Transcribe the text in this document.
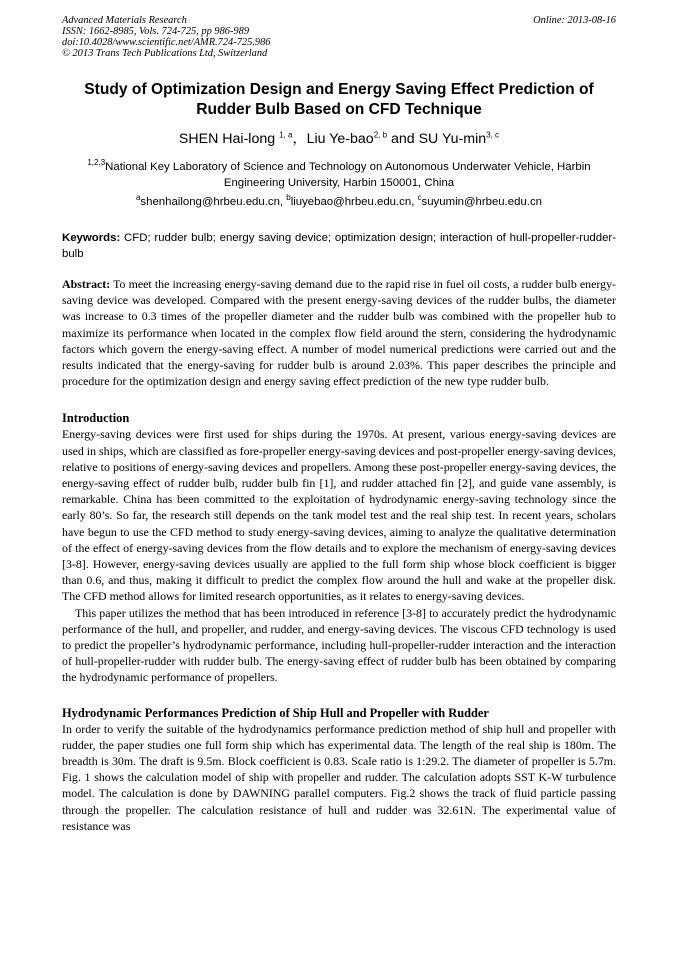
Advanced Materials Research
ISSN: 1662-8985, Vols. 724-725, pp 986-989
doi:10.4028/www.scientific.net/AMR.724-725.986
© 2013 Trans Tech Publications Ltd, Switzerland
Online: 2013-08-16
Study of Optimization Design and Energy Saving Effect Prediction of
Rudder Bulb Based on CFD Technique
SHEN Hai-long $^{1, a}$，Liu Ye-bao$^{2, b}$ and SU $Yu-\min^{3, c}$
$^{1,2,3}$National Key Laboratory of Science and Technology on Autonomous Underwater Vehicle, Harbin
Engineering University, Harbin 150001, China
$^a$shenhailong@hrbeu.edu.cn, $^b$liuyebao@hrbeu.edu.cn, $^c$suyumin@hrbeu.edu.cn
Keywords: CFD; rudder bulb; energy saving device; optimization design; interaction of hull-propeller-rudder-bulb

Abstract: To meet the increasing energy-saving demand due to the rapid rise in fuel oil costs, a rudder bulb energy-saving device was developed. Compared with the present energy-saving devices of the rudder bulbs, the diameter was increase to 0.3 times of the propeller diameter and the rudder bulb was combined with the propeller hub to maximize its performance when located in the complex flow field around the stern, considering the hydrodynamic factors which govern the energy-saving effect. A number of model numerical predictions were carried out and the results indicated that the energy-saving for rudder bulb is around 2.03%. This paper describes the principle and procedure for the optimization design and energy saving effect prediction of the new type rudder bulb.

Introduction

Energy-saving devices were first used for ships during the 1970s. At present, various energy-saving devices are used in ships, which are classified as fore-propeller energy-saving devices and post-propeller energy-saving devices, relative to positions of energy-saving devices and propellers. Among these post-propeller energy-saving devices, the energy-saving effect of rudder bulb, rudder bulb fin [1], and rudder attached fin [2], and guide vane assembly, is remarkable. China has been committed to the exploitation of hydrodynamic energy-saving technology since the early 80’s. So far, the research still depends on the tank model test and the real ship test. In recent years, scholars have begun to use the CFD method to study energy-saving devices, aiming to analyze the qualitative determination of the effect of energy-saving devices from the flow details and to explore the mechanism of energy-saving devices [3-8]. However, energy-saving devices usually are applied to the full form ship whose block coefficient is bigger than 0.6, and thus, making it difficult to predict the complex flow around the hull and wake at the propeller disk. The CFD method allows for limited research opportunities, as it relates to energy-saving devices.

This paper utilizes the method that has been introduced in reference [3-8] to accurately predict the hydrodynamic performance of the hull, and propeller, and rudder, and energy-saving devices. The viscous CFD technology is used to predict the propeller’s hydrodynamic performance, including hull-propeller-rudder interaction and the interaction of hull-propeller-rudder with rudder bulb. The energy-saving effect of rudder bulb has been obtained by comparing the hydrodynamic performance of propellers.

Hydrodynamic Performances Prediction of Ship Hull and Propeller with Rudder

In order to verify the suitable of the hydrodynamics performance prediction method of ship hull and propeller with rudder, the paper studies one full form ship which has experimental data. The length of the real ship is 180m. The breadth is 30m. The draft is 9.5m. Block coefficient is 0.83. Scale ratio is 1:29.2. The diameter of propeller is 5.7m. Fig. 1 shows the calculation model of ship with propeller and rudder. The calculation adopts SST K-W turbulence model. The calculation is done by DAWNING parallel computers. Fig.2 shows the track of fluid particle passing through the propeller. The calculation resistance of hull and rudder was 32.61N. The experimental value of resistance was
